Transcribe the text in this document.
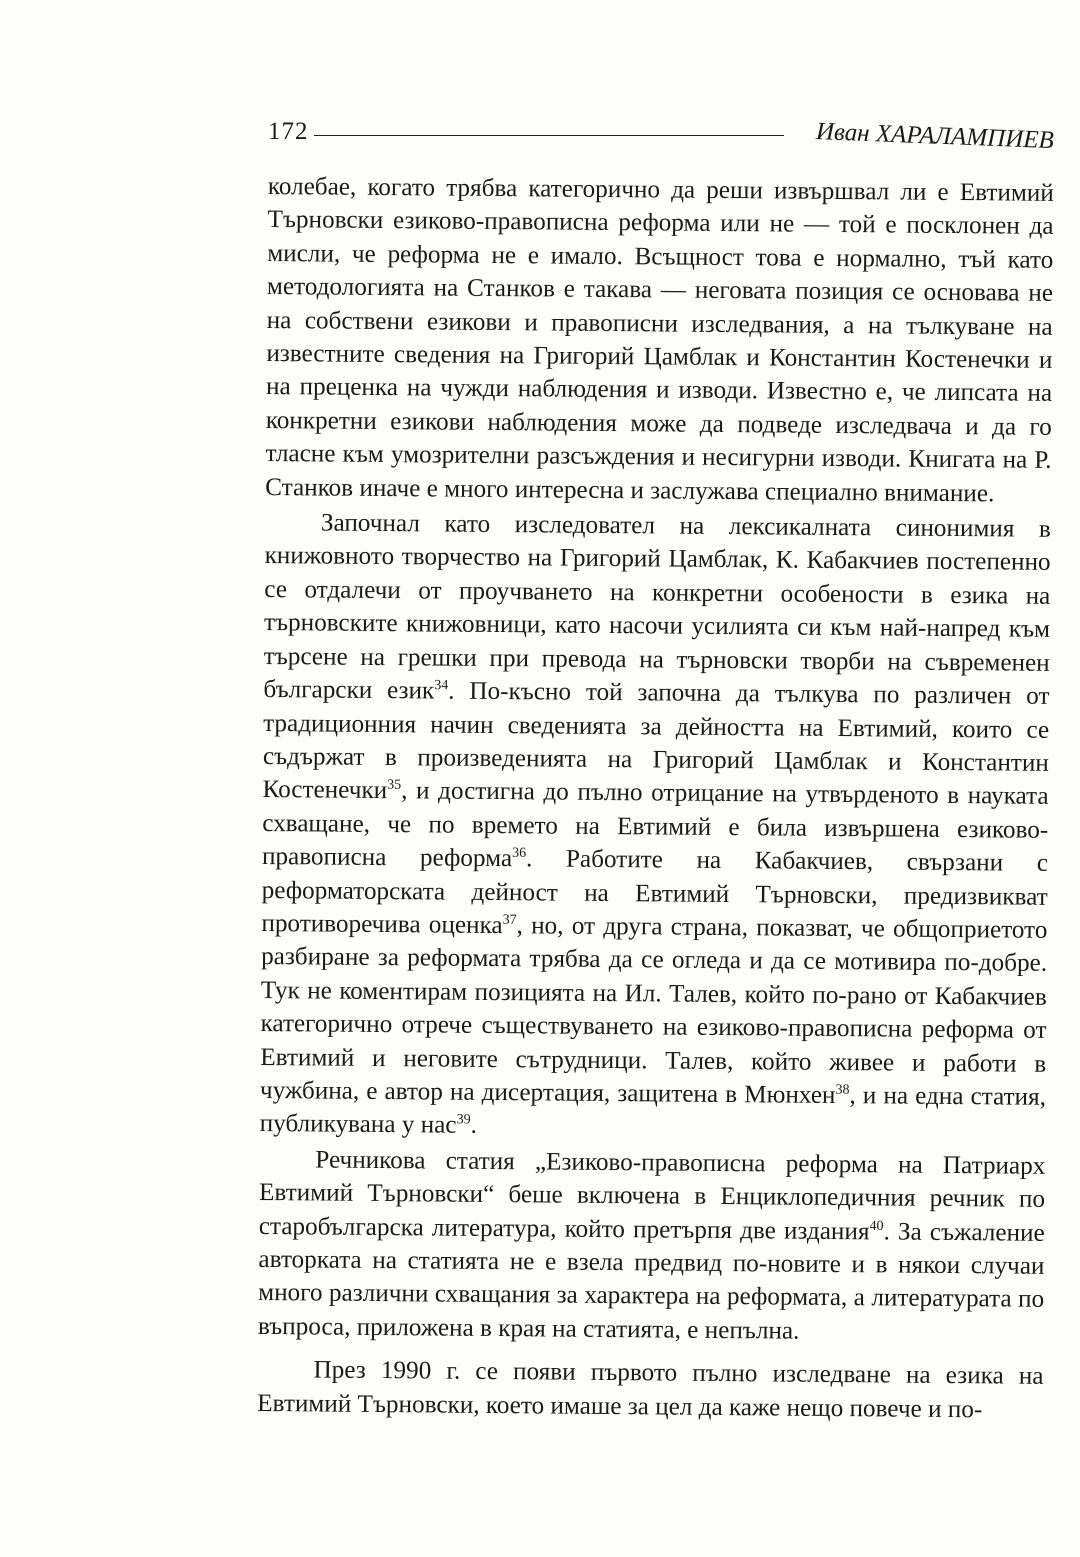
172	Иван ХАРАЛАМПИЕВ

колебае, когато трябва категорично да реши извършвал ли е Евтимий Търновски езиково-правописна реформа или не — той е посклонен да мисли, че реформа не е имало. Всъщност това е нормално, тъй като методологията на Станков е такава — неговата позиция се основава не на собствени езикови и правописни изследвания, а на тълкуване на известните сведения на Григорий Цамблак и Константин Костенечки и на преценка на чужди наблюдения и изводи. Известно е, че липсата на конкретни езикови наблюдения може да подведе изследвача и да го тласне към умозрителни разсъждения и несигурни изводи. Книгата на Р. Станков иначе е много интересна и заслужава специално внимание.

Започнал като изследовател на лексикалната синонимия в книжовното творчество на Григорий Цамблак, К. Кабакчиев постепенно се отдалечи от проучването на конкретни особености в езика на търновските книжовници, като насочи усилията си към най-напред към търсене на грешки при превода на търновски творби на съвременен български език$^{34}$. По-късно той започна да тълкува по различен от традиционния начин сведенията за дейността на Евтимий, които се съдържат в произведенията на Григорий Цамблак и Константин Костенечки$^{35}$, и достигна до пълно отрицание на утвърденото в науката схващане, че по времето на Евтимий е била извършена езиково-правописна реформа$^{36}$. Работите на Кабакчиев, свързани с реформаторската дейност на Евтимий Търновски, предизвикват противоречива оценка$^{37}$, но, от друга страна, показват, че общоприетото разбиране за реформата трябва да се огледа и да се мотивира по-добре. Тук не коментирам позицията на Ил. Талев, който по-рано от Кабакчиев категорично отрече съществуването на езиково-правописна реформа от Евтимий и неговите сътрудници. Талев, който живее и работи в чужбина, е автор на дисертация, защитена в Мюнхен$^{38}$, и на една статия, публикувана у нас$^{39}$.

Речникова статия „Езиково-правописна реформа на Патриарх Евтимий Търновски“ беше включена в Енциклопедичния речник по старобългарска литература, който претърпя две издания$^{40}$. За съжаление авторката на статията не е взела предвид по-новите и в някои случаи много различни схващания за характера на реформата, а литературата по въпроса, приложена в края на статията, е непълна.

През 1990 г. се появи първото пълно изследване на езика на Евтимий Търновски, което имаше за цел да каже нещо повече и по-
